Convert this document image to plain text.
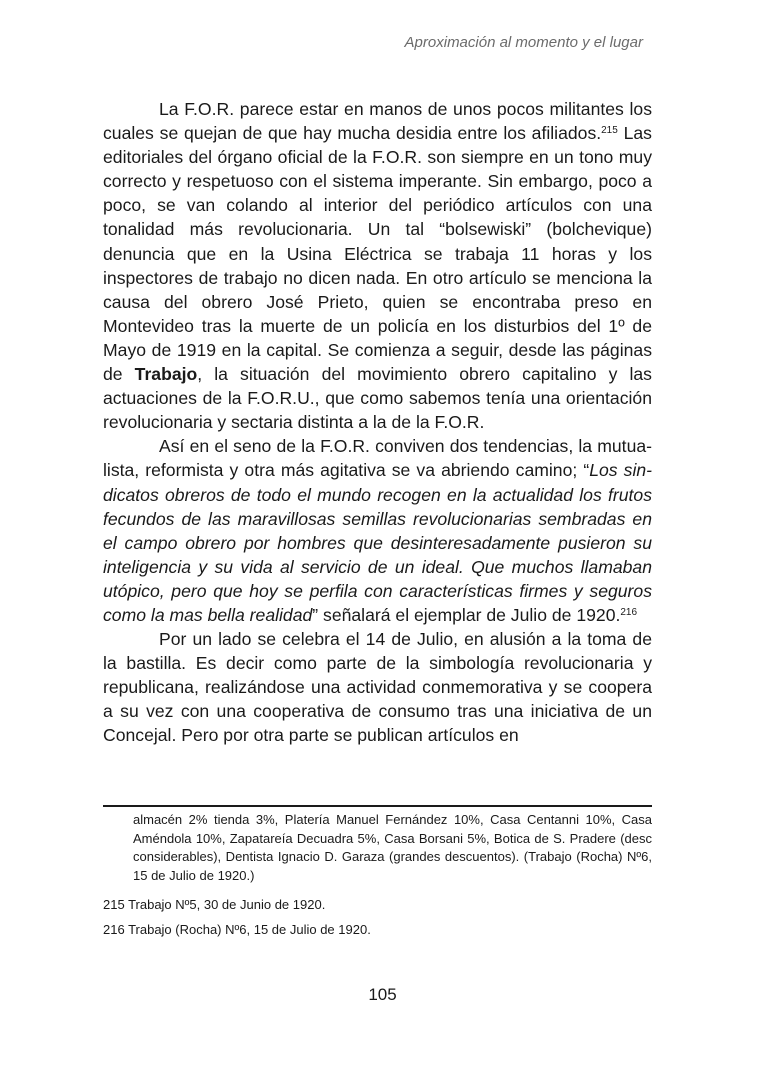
Aproximación al momento y el lugar

La F.O.R. parece estar en manos de unos pocos militantes los cuales se quejan de que hay mucha desidia entre los afiliados.$^{215}$ Las editoriales del órgano oficial de la F.O.R. son siempre en un tono muy correcto y respetuoso con el sistema imperante. Sin embargo, poco a poco, se van colando al interior del periódico artículos con una tonalidad más revolucionaria. Un tal “bolsewiski” (bolchevique) denuncia que en la Usina Eléctrica se trabaja 11 horas y los inspectores de trabajo no dicen nada. En otro artículo se menciona la causa del obrero José Prieto, quien se encontraba preso en Montevideo tras la muerte de un policía en los disturbios del 1º de Mayo de 1919 en la capital. Se comienza a seguir, desde las páginas de Trabajo, la situación del movimiento obrero capitalino y las actuaciones de la F.O.R.U., que como sabemos tenía una orientación revolucionaria y sectaria distinta a la de la F.O.R.

Así en el seno de la F.O.R. conviven dos tendencias, la mutualista, reformista y otra más agitativa se va abriendo camino; “Los sindicatos obreros de todo el mundo recogen en la actualidad los frutos fecundos de las maravillosas semillas revolucionarias sembradas en el campo obrero por hombres que desinteresadamente pusieron su inteligencia y su vida al servicio de un ideal. Que muchos llamaban utópico, pero que hoy se perfila con características firmes y seguros como la mas bella realidad” señalará el ejemplar de Julio de 1920.$^{216}$

Por un lado se celebra el 14 de Julio, en alusión a la toma de la bastilla. Es decir como parte de la simbología revolucionaria y republicana, realizándose una actividad conmemorativa y se coopera a su vez con una cooperativa de consumo tras una iniciativa de un Concejal. Pero por otra parte se publican artículos en

almacén 2% tienda 3%, Platería Manuel Fernández 10%, Casa Centanni 10%, Casa Améndola 10%, Zapatareía Decuadra 5%, Casa Borsani 5%, Botica de S. Pradere (desc considerables), Dentista Ignacio D. Garaza (grandes descuentos). (Trabajo (Rocha) Nº6, 15 de Julio de 1920.)

215 Trabajo Nº5, 30 de Junio de 1920.

216 Trabajo (Rocha) Nº6, 15 de Julio de 1920.

105
